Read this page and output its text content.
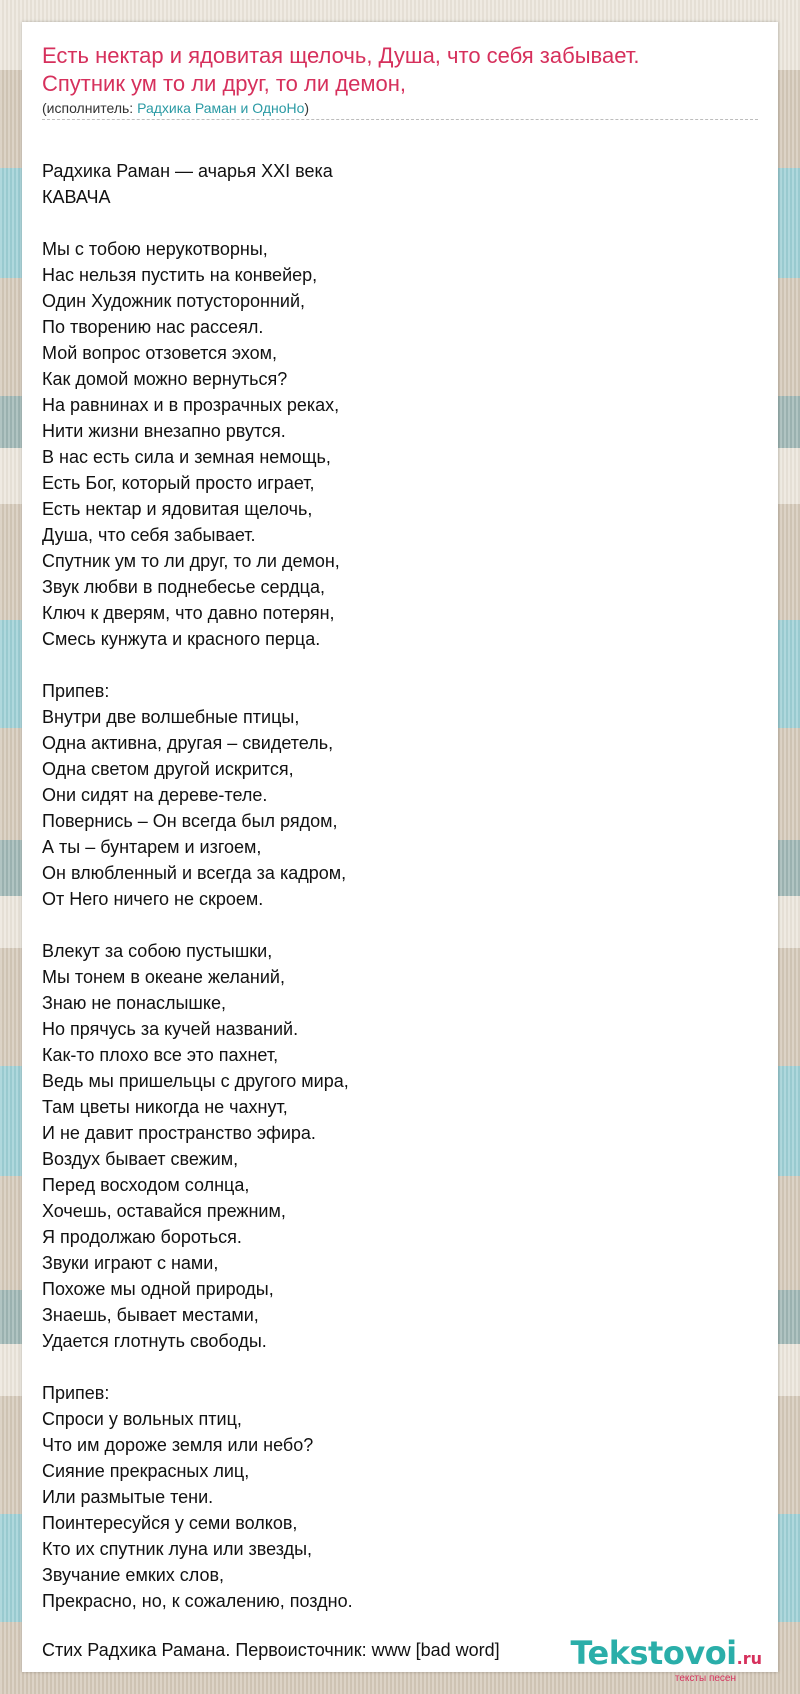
Есть нектар и ядовитая щелочь, Душа, что себя забывает.
Спутник ум то ли друг, то ли демон,
(исполнитель: Радхика Раман и ОдноНо)
Радхика Раман — ачарья XXI века
КАВАЧА
Мы с тобою нерукотворны,
Нас нельзя пустить на конвейер,
Один Художник потусторонний,
По творению нас рассеял.
Мой вопрос отзовется эхом,
Как домой можно вернуться?
На равнинах и в прозрачных реках,
Нити жизни внезапно рвутся.
В нас есть сила и земная немощь,
Есть Бог, который просто играет,
Есть нектар и ядовитая щелочь,
Душа, что себя забывает.
Спутник ум то ли друг, то ли демон,
Звук любви в поднебесье сердца,
Ключ к дверям, что давно потерян,
Смесь кунжута и красного перца.
Припев:
Внутри две волшебные птицы,
Одна активна, другая – свидетель,
Одна светом другой искрится,
Они сидят на дереве-теле.
Повернись – Он всегда был рядом,
А ты – бунтарем и изгоем,
Он влюбленный и всегда за кадром,
От Него ничего не скроем.
Влекут за собою пустышки,
Мы тонем в океане желаний,
Знаю не понаслышке,
Но прячусь за кучей названий.
Как-то плохо все это пахнет,
Ведь мы пришельцы с другого мира,
Там цветы никогда не чахнут,
И не давит пространство эфира.
Воздух бывает свежим,
Перед восходом солнца,
Хочешь, оставайся прежним,
Я продолжаю бороться.
Звуки играют с нами,
Похоже мы одной природы,
Знаешь, бывает местами,
Удается глотнуть свободы.
Припев:
Спроси у вольных птиц,
Что им дороже земля или небо?
Сияние прекрасных лиц,
Или размытые тени.
Поинтересуйся у семи волков,
Кто их спутник луна или звезды,
Звучание емких слов,
Прекрасно, но, к сожалению, поздно.
Стих Радхика Рамана. Первоисточник: www [bad word] Tekstovoi.ru
тексты песен
